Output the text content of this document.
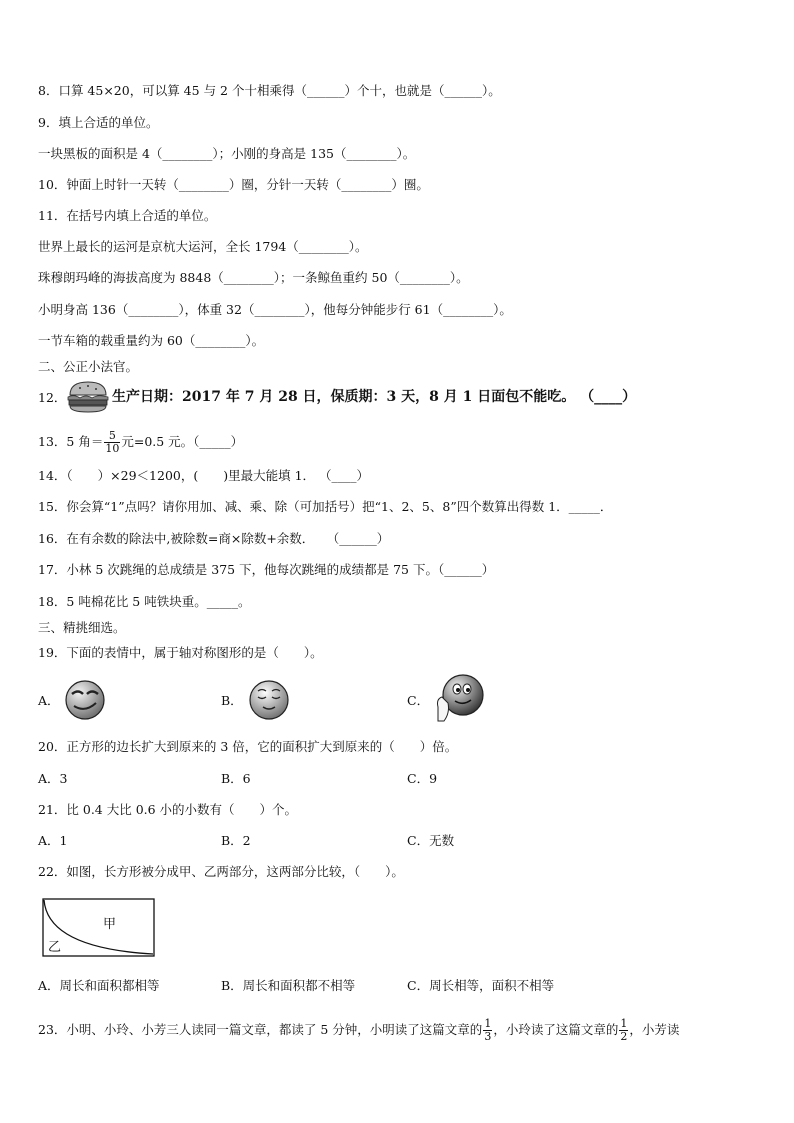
8．口算 45×20，可以算 45 与 2 个十相乘得（______）个十，也就是（______）。
9．填上合适的单位。
一块黑板的面积是 4（________）；小刚的身高是 135（________）。
10．钟面上时针一天转（________）圈，分针一天转（________）圈。
11．在括号内填上合适的单位。
世界上最长的运河是京杭大运河，全长 1794（________）。
珠穆朗玛峰的海拔高度为 8848（________）；一条鲸鱼重约 50（________）。
小明身高 136（________），体重 32（________），他每分钟能步行 61（________）。
一节车箱的载重量约为 60（________）。
二、公正小法官。
12．	生产日期：2017 年 7 月 28 日，保质期：3 天，8 月 1 日面包不能吃。 （____）
13．5 角＝ $\frac{5}{10}$ 元=0.5 元。（_____）
14．（　　）×29＜1200，(　　)里最大能填 1． （____）
15．你会算“1”点吗？请你用加、减、乘、除（可加括号）把“1、2、5、8”四个数算出得数 1．_____．
16．在有余数的除法中,被除数=商×除数+余数．　　（______）
17．小林 5 次跳绳的总成绩是 375 下，他每次跳绳的成绩都是 75 下。（______）
18．5 吨棉花比 5 吨铁块重。_____。
三、精挑细选。
19．下面的表情中，属于轴对称图形的是（　　）。
A．	B．	C．
20．正方形的边长扩大到原来的 3 倍，它的面积扩大到原来的（　　）倍。
A．3	B．6	C．9
21．比 0.4 大比 0.6 小的小数有（　　）个。
A．1	B．2	C．无数
22．如图，长方形被分成甲、乙两部分，这两部分比较，（　　）。
甲
乙
A．周长和面积都相等	B．周长和面积都不相等	C．周长相等，面积不相等
23．小明、小玲、小芳三人读同一篇文章，都读了 5 分钟，小明读了这篇文章的 $\frac{1}{3}$ ，小玲读了这篇文章的 $\frac{1}{2}$ ，小芳读
